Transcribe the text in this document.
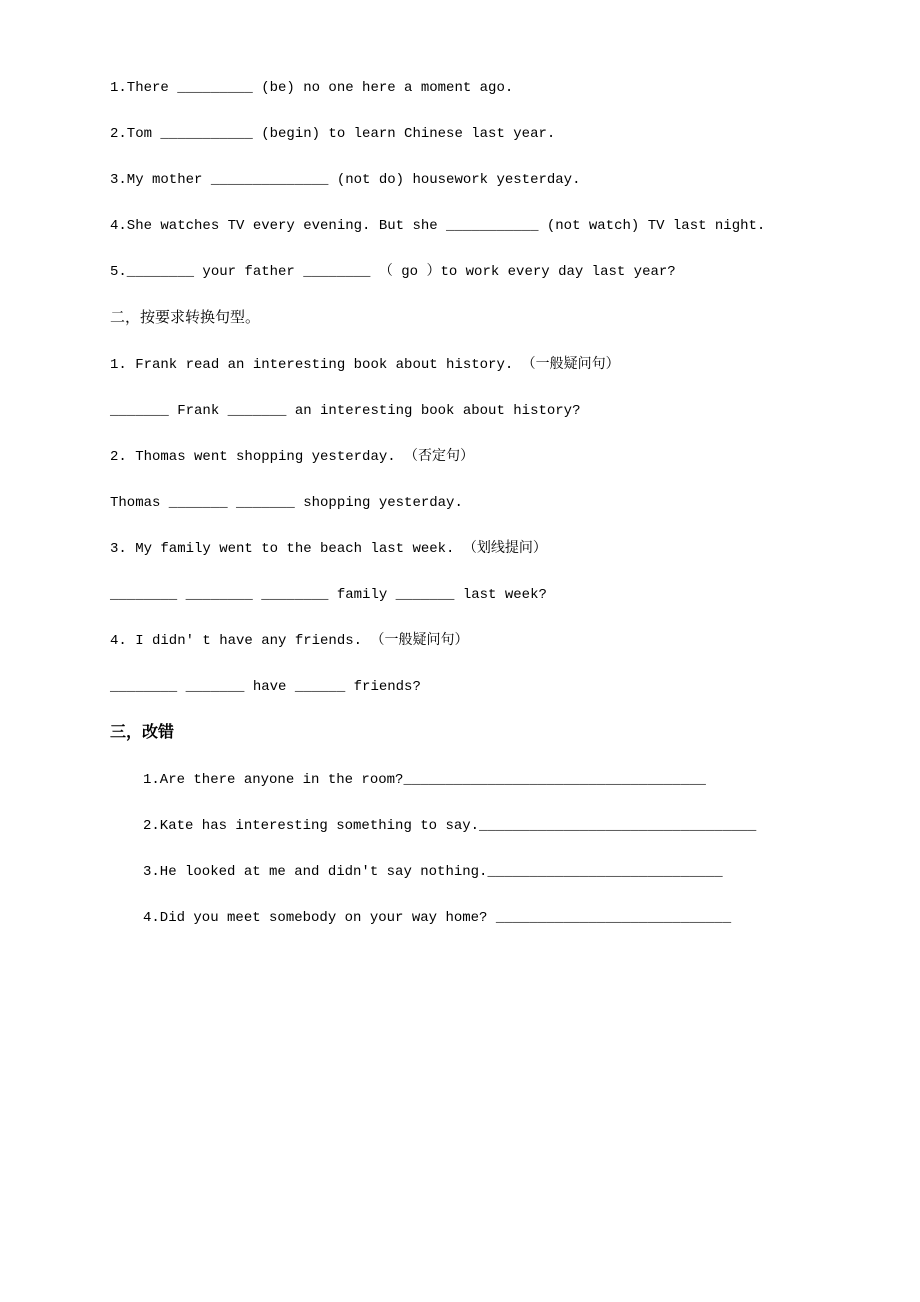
1.There _________ (be) no one here a moment ago.

2.Tom ___________ (begin) to learn Chinese last year.

3.My mother ______________ (not do) housework yesterday.

4.She watches TV every evening. But she ___________ (not watch) TV last night.

5.________ your father ________ （ go ）to work every day last year?

二，按要求转换句型。

1. Frank read an interesting book about history. （一般疑问句）

_______ Frank _______ an interesting book about history?

2. Thomas went shopping yesterday. （否定句）

Thomas _______ _______ shopping yesterday.

3. My family went to the beach last week. （划线提问）

________ ________ ________ family _______ last week?

4. I didn' t have any friends. （一般疑问句）

________ _______ have ______ friends?

三，改错

1.Are there anyone in the room?____________________________________

2.Kate has interesting something to say._________________________________

3.He looked at me and didn't say nothing.____________________________

4.Did you meet somebody on your way home? ____________________________
